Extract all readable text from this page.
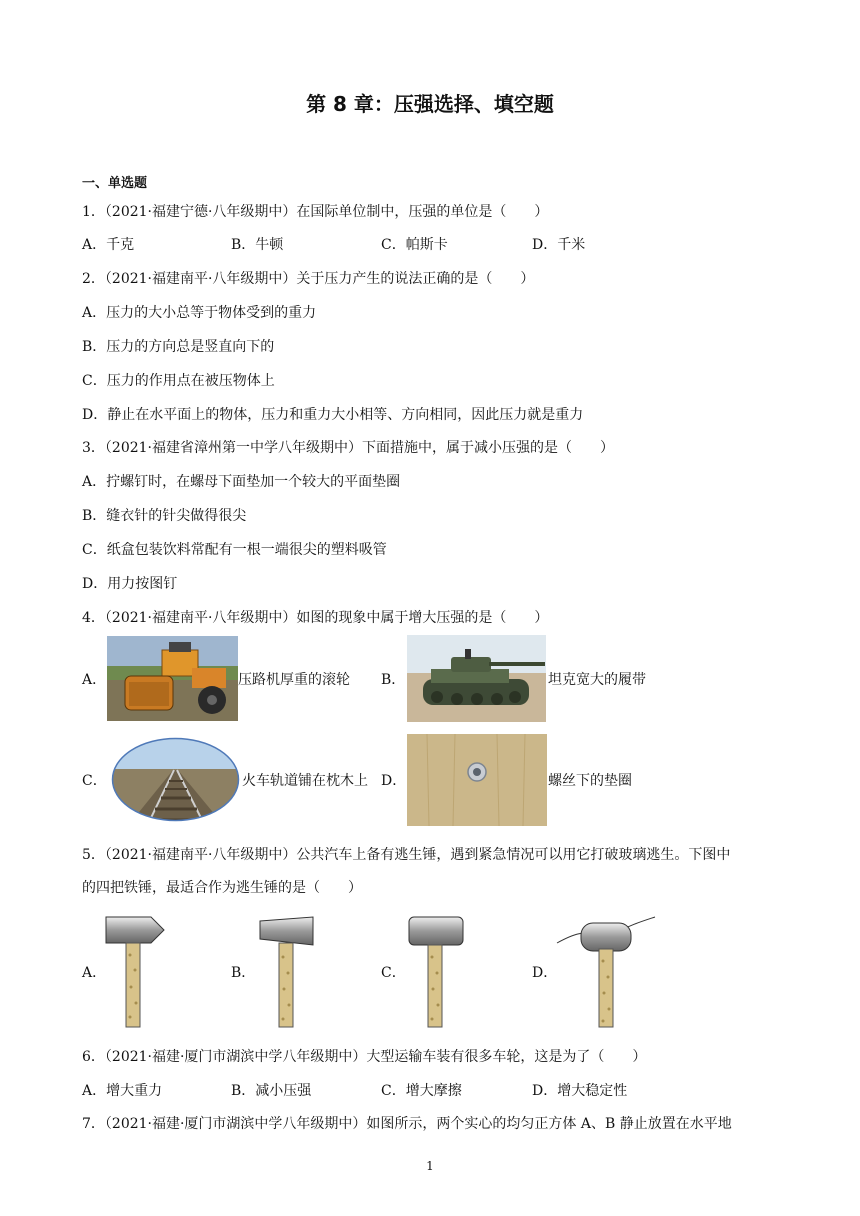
第 8 章：压强选择、填空题
一、单选题
1．（2021·福建宁德·八年级期中）在国际单位制中，压强的单位是（　　）
A．千克	B．牛顿	C．帕斯卡	D．千米
2．（2021·福建南平·八年级期中）关于压力产生的说法正确的是（　　）
A．压力的大小总等于物体受到的重力
B．压力的方向总是竖直向下的
C．压力的作用点在被压物体上
D．静止在水平面上的物体，压力和重力大小相等、方向相同，因此压力就是重力
3．（2021·福建省漳州第一中学八年级期中）下面措施中，属于减小压强的是（　　）
A．拧螺钉时，在螺母下面垫加一个较大的平面垫圈
B．缝衣针的针尖做得很尖
C．纸盒包装饮料常配有一根一端很尖的塑料吸管
D．用力按图钉
4．（2021·福建南平·八年级期中）如图的现象中属于增大压强的是（　　）
A．	压路机厚重的滚轮 B．	坦克宽大的履带
C．	火车轨道铺在枕木上 D．	螺丝下的垫圈
5．（2021·福建南平·八年级期中）公共汽车上备有逃生锤，遇到紧急情况可以用它打破玻璃逃生。下图中
的四把铁锤，最适合作为逃生锤的是（　　）
A．	B．	C．	D．
6．（2021·福建·厦门市湖滨中学八年级期中）大型运输车装有很多车轮，这是为了（　　）
A．增大重力	B．减小压强	C．增大摩擦	D．增大稳定性
7．（2021·福建·厦门市湖滨中学八年级期中）如图所示，两个实心的均匀正方体 A、B 静止放置在水平地
1
